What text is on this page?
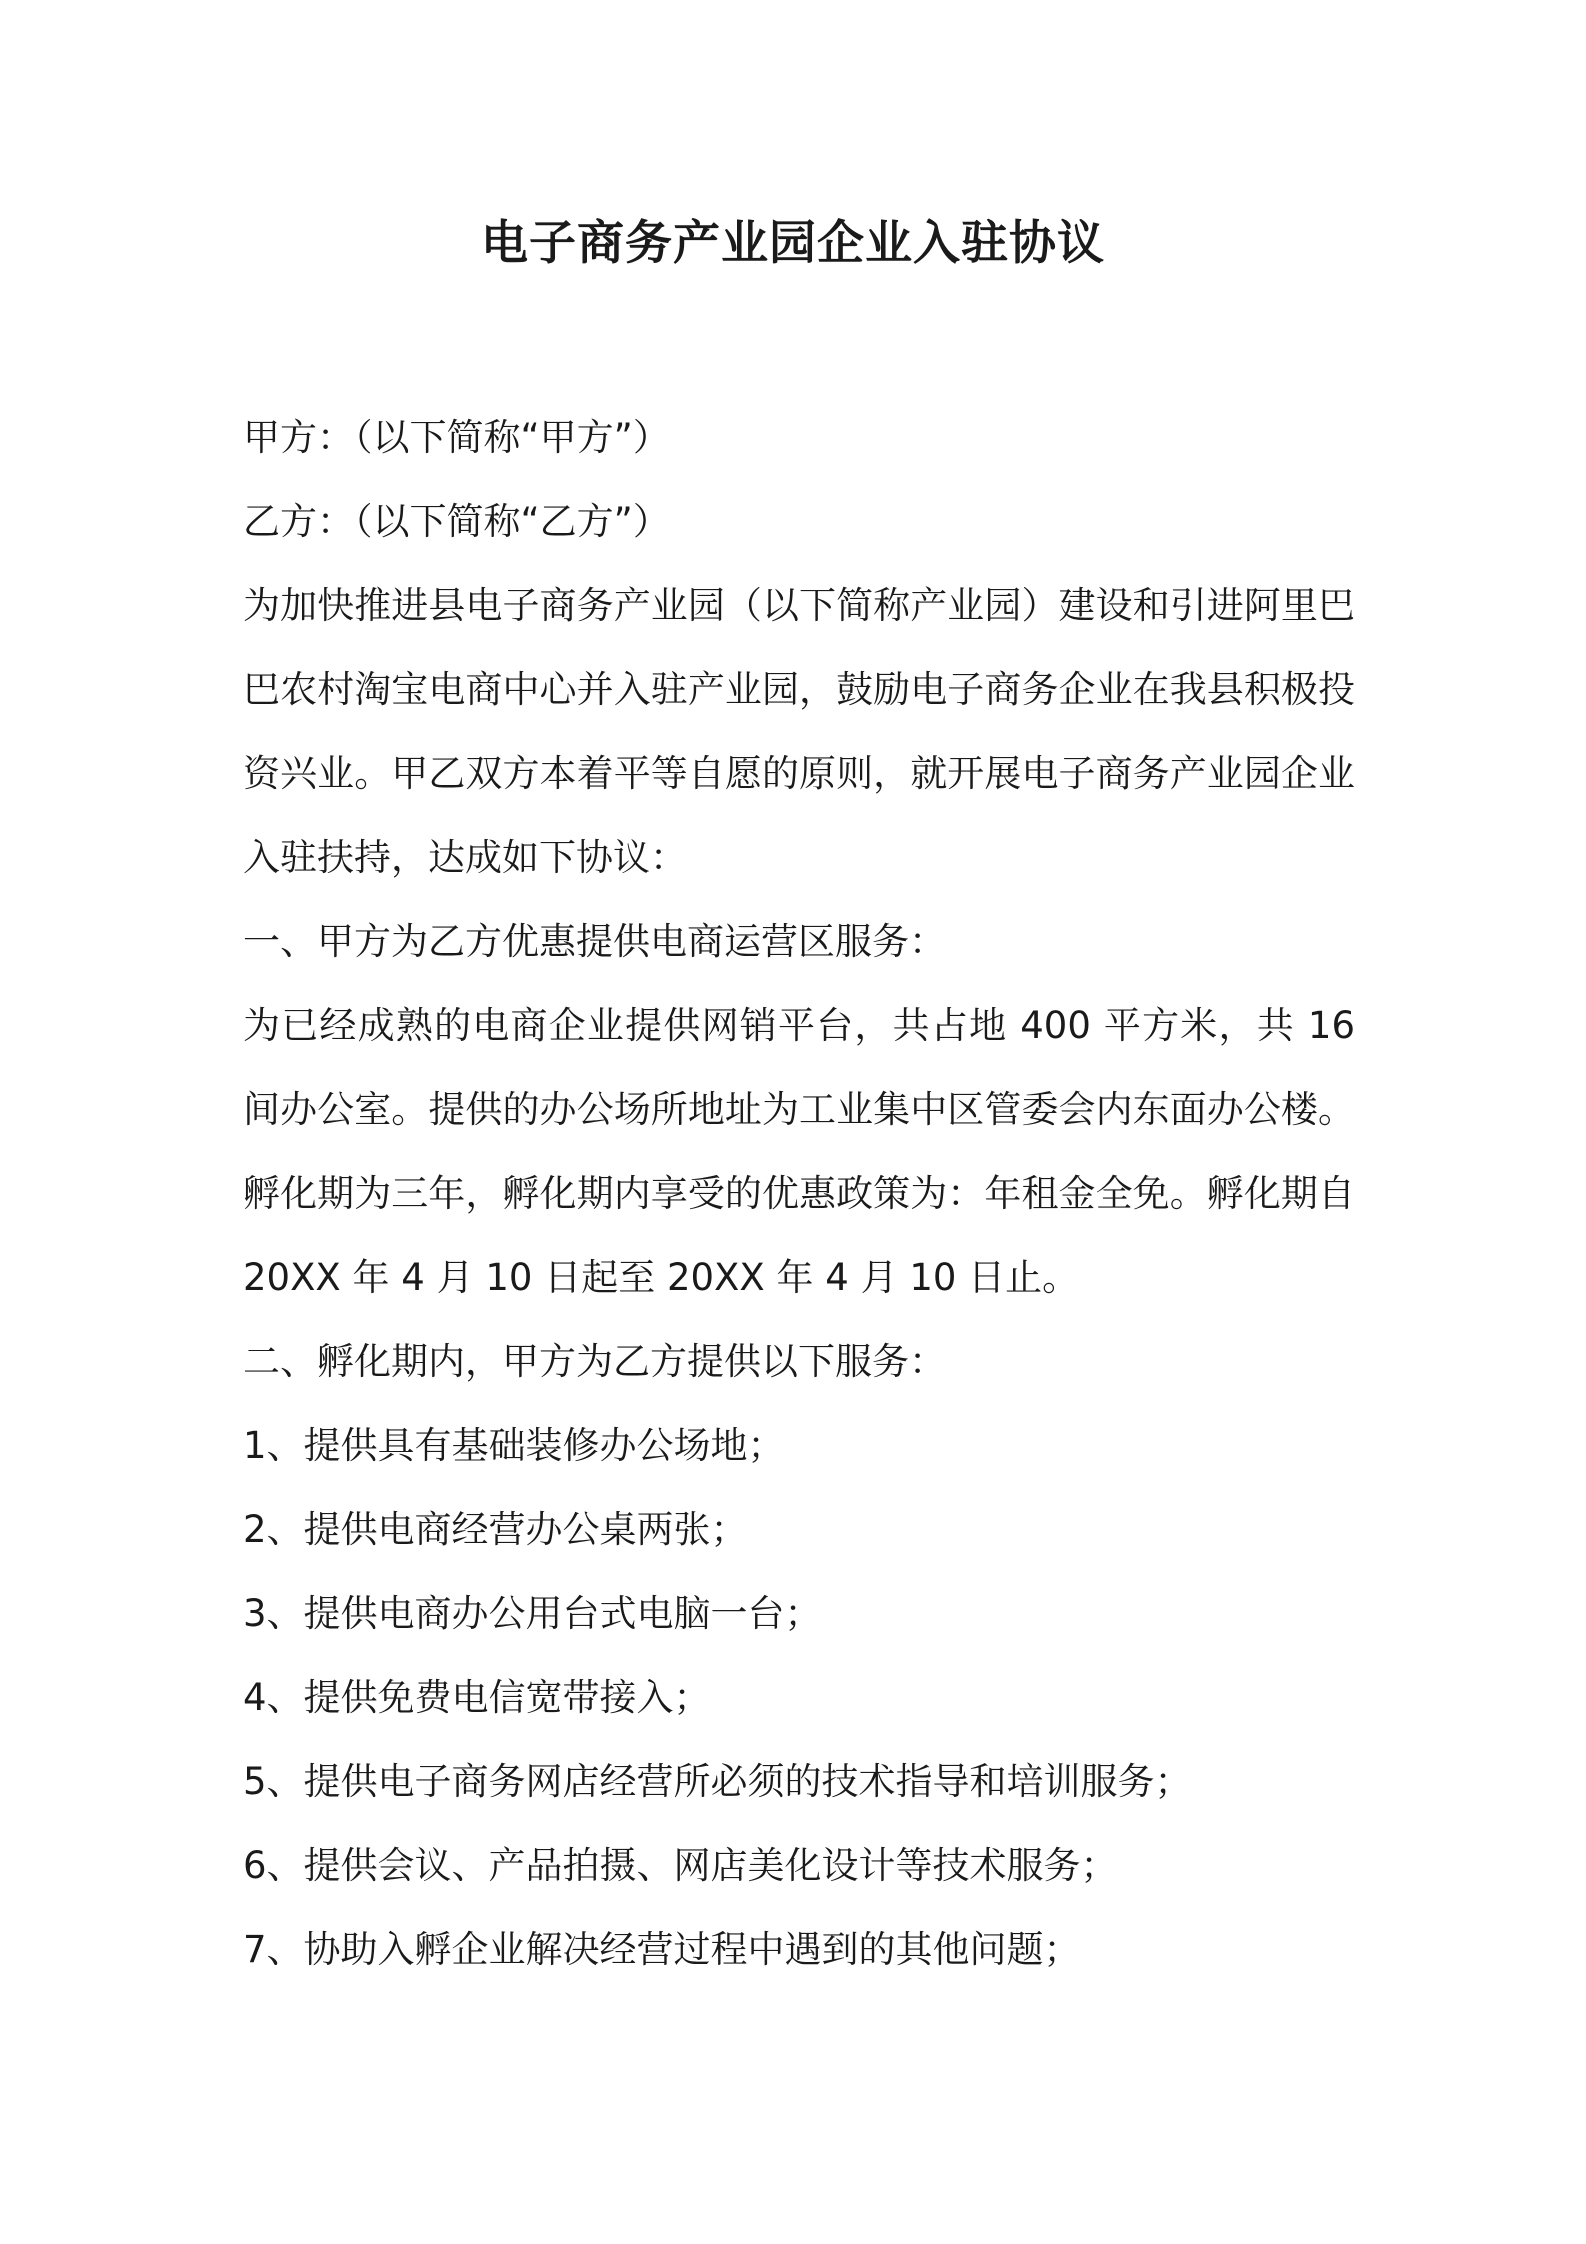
电子商务产业园企业入驻协议

甲方：（以下简称“甲方”）

乙方：（以下简称“乙方”）

为加快推进县电子商务产业园（以下简称产业园）建设和引进阿里巴巴农村淘宝电商中心并入驻产业园，鼓励电子商务企业在我县积极投资兴业。甲乙双方本着平等自愿的原则，就开展电子商务产业园企业入驻扶持，达成如下协议：

一、甲方为乙方优惠提供电商运营区服务：

为已经成熟的电商企业提供网销平台，共占地 400 平方米，共 16 间办公室。提供的办公场所地址为工业集中区管委会内东面办公楼。孵化期为三年，孵化期内享受的优惠政策为：年租金全免。孵化期自 20XX 年 4 月 10 日起至 20XX 年 4 月 10 日止。

二、孵化期内，甲方为乙方提供以下服务：

1、提供具有基础装修办公场地；

2、提供电商经营办公桌两张；

3、提供电商办公用台式电脑一台；

4、提供免费电信宽带接入；

5、提供电子商务网店经营所必须的技术指导和培训服务；

6、提供会议、产品拍摄、网店美化设计等技术服务；

7、协助入孵企业解决经营过程中遇到的其他问题；
